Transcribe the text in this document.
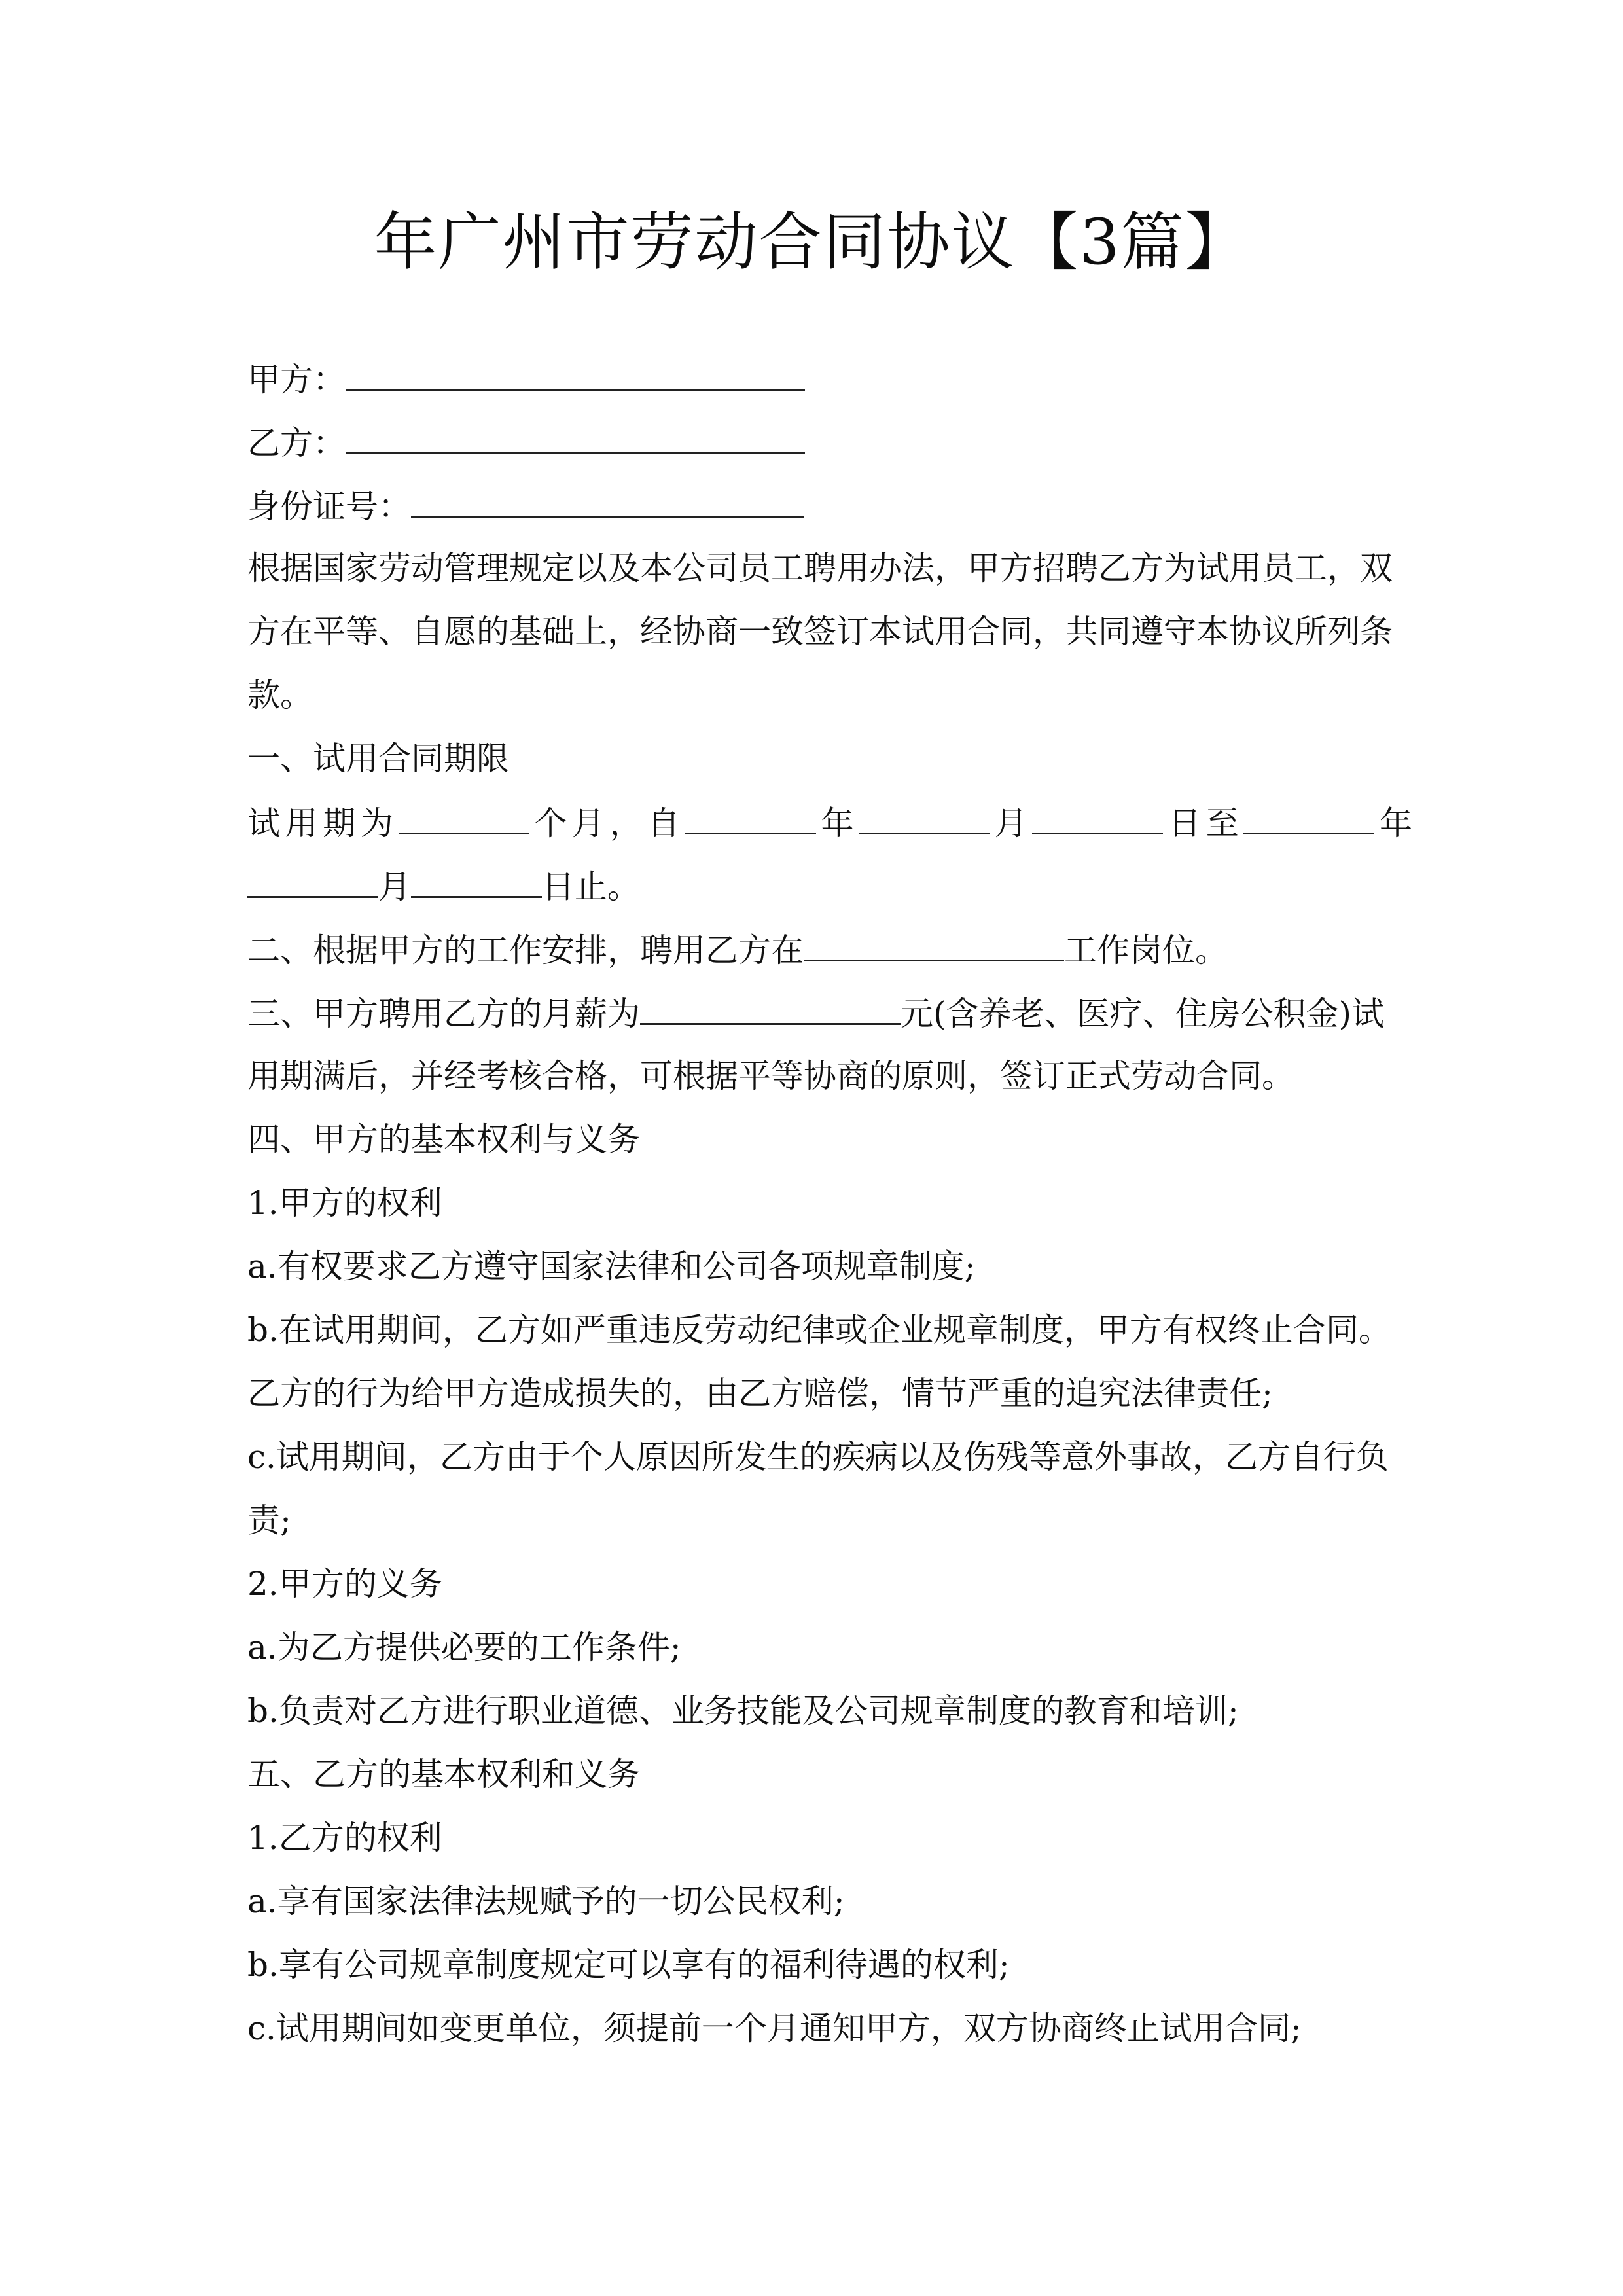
年广州市劳动合同协议【3篇】
甲方：
乙方：
身份证号：
根据国家劳动管理规定以及本公司员工聘用办法，甲方招聘乙方为试用员工，双
方在平等、自愿的基础上，经协商一致签订本试用合同，共同遵守本协议所列条
款。
一、试用合同期限
试用期为	个月，自	年	月	日至	年
月	日止。
二、根据甲方的工作安排，聘用乙方在	工作岗位。
三、甲方聘用乙方的月薪为	元(含养老、医疗、住房公积金)试
用期满后，并经考核合格，可根据平等协商的原则，签订正式劳动合同。
四、甲方的基本权利与义务
1.甲方的权利
a.有权要求乙方遵守国家法律和公司各项规章制度;
b.在试用期间，乙方如严重违反劳动纪律或企业规章制度，甲方有权终止合同。
乙方的行为给甲方造成损失的，由乙方赔偿，情节严重的追究法律责任;
c.试用期间，乙方由于个人原因所发生的疾病以及伤残等意外事故，乙方自行负
责;
2.甲方的义务
a.为乙方提供必要的工作条件;
b.负责对乙方进行职业道德、业务技能及公司规章制度的教育和培训;
五、乙方的基本权利和义务
1.乙方的权利
a.享有国家法律法规赋予的一切公民权利;
b.享有公司规章制度规定可以享有的福利待遇的权利;
c.试用期间如变更单位，须提前一个月通知甲方，双方协商终止试用合同;
